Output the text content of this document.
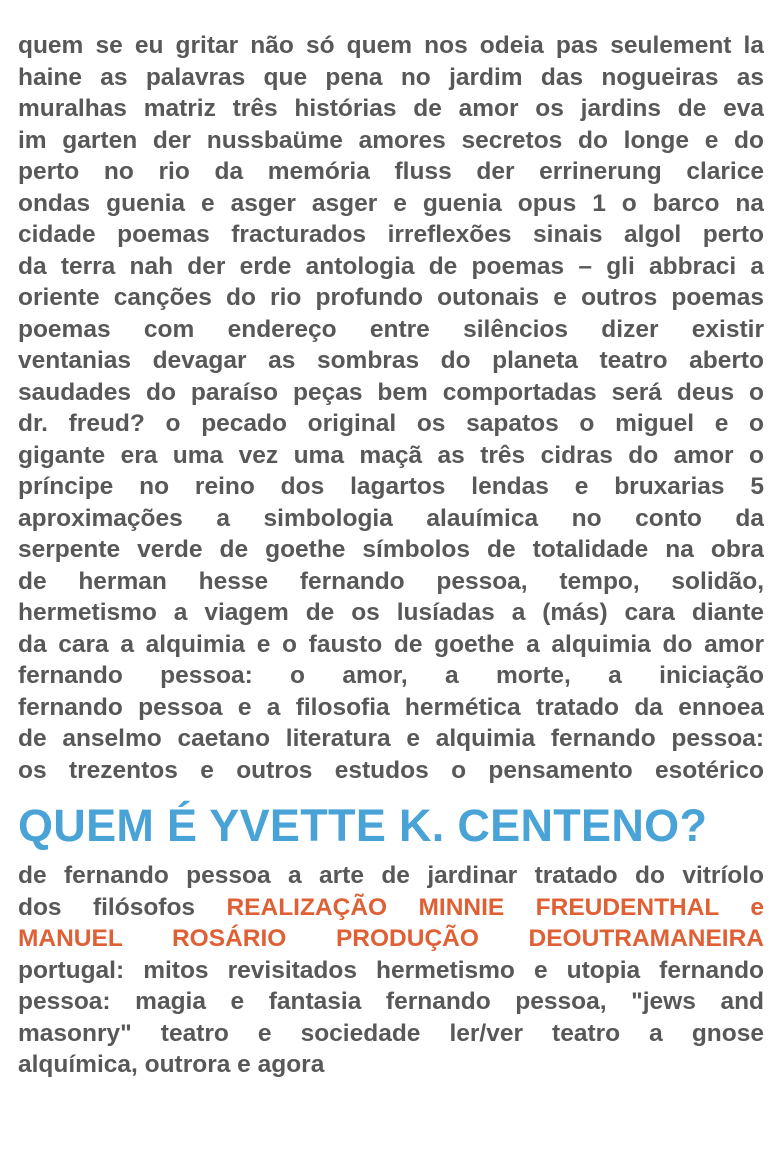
quem se eu gritar não só quem nos odeia pas seulement la
haine as palavras que pena no jardim das nogueiras as
muralhas matriz três histórias de amor os jardins de eva
im garten der nussbaüme amores secretos do longe e do
perto no rio da memória fluss der errinerung clarice
ondas guenia e asger asger e guenia opus 1 o barco na
cidade poemas fracturados irreflexões sinais algol perto
da terra nah der erde antologia de poemas – gli abbraci a
oriente canções do rio profundo outonais e outros poemas
poemas com endereço entre silêncios dizer existir
ventanias devagar as sombras do planeta teatro aberto
saudades do paraíso peças bem comportadas será deus o
dr. freud? o pecado original os sapatos o miguel e o
gigante era uma vez uma maçã as três cidras do amor o
príncipe no reino dos lagartos lendas e bruxarias 5
aproximações a simbologia alauímica no conto da
serpente verde de goethe símbolos de totalidade na obra
de herman hesse fernando pessoa, tempo, solidão,
hermetismo a viagem de os lusíadas a (más) cara diante
da cara a alquimia e o fausto de goethe a alquimia do amor
fernando pessoa: o amor, a morte, a iniciação
fernando pessoa e a filosofia hermética tratado da ennoea
de anselmo caetano literatura e alquimia fernando pessoa:
os trezentos e outros estudos o pensamento esotérico
QUEM É YVETTE K. CENTENO?
de fernando pessoa a arte de jardinar tratado do vitríolo
dos filósofos REALIZAÇÃO MINNIE FREUDENTHAL e
MANUEL ROSÁRIO PRODUÇÃO DEOUTRAMANEIRA
portugal: mitos revisitados hermetismo e utopia fernando
pessoa: magia e fantasia fernando pessoa, "jews and
masonry" teatro e sociedade ler/ver teatro a gnose
alquímica, outrora e agora
